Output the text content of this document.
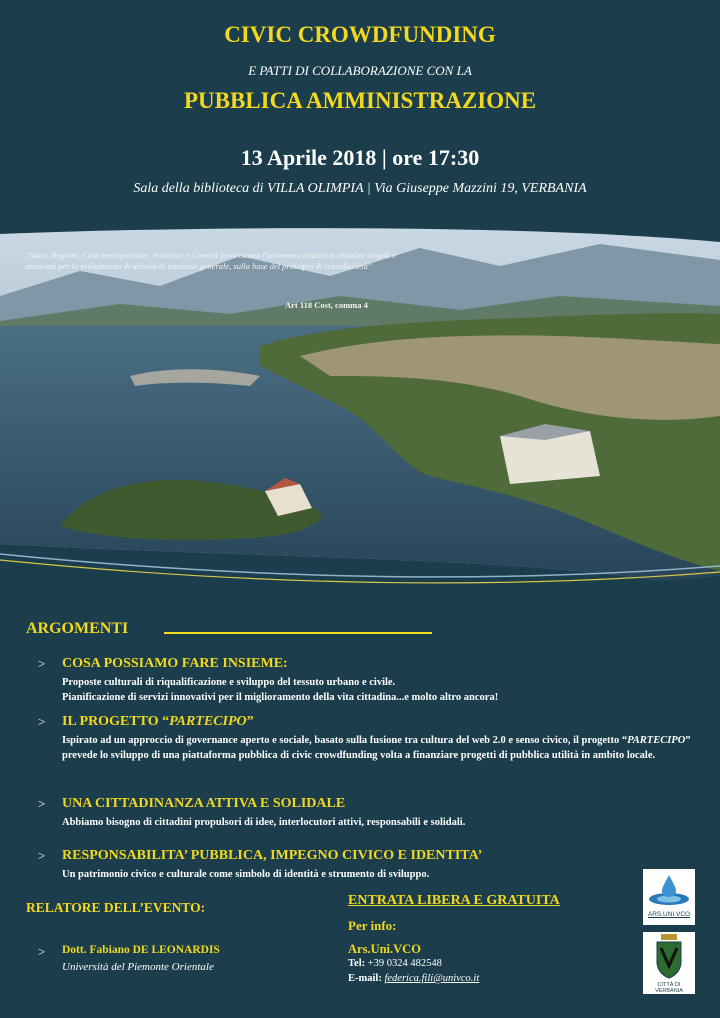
CIVIC CROWDFUNDING
E PATTI DI COLLABORAZIONE CON LA
PUBBLICA AMMINISTRAZIONE
13 Aprile 2018 | ore 17:30
Sala della biblioteca di VILLA OLIMPIA | Via Giuseppe Mazzini 19, VERBANIA
"Stato, Regioni, Città metropolitane, Province e Comuni favoriscono l'autonoma iniziativa cittadini singoli e associati per lo svolgimento di attività di interesse generale, sulla base del principio di sussidiarietà"
Art 118 Cost, comma 4
ARGOMENTI
> COSA POSSIAMO FARE INSIEME:
Proposte culturali di riqualificazione e sviluppo del tessuto urbano e civile.
Pianificazione di servizi innovativi per il miglioramento della vita cittadina...e molto altro ancora!
> IL PROGETTO “PARTECIPO”
Ispirato ad un approccio di governance aperto e sociale, basato sulla fusione tra cultura del web 2.0 e senso civico, il progetto “PARTECIPO” prevede lo sviluppo di una piattaforma pubblica di civic crowdfunding volta a finanziare progetti di pubblica utilità in ambito locale.
> UNA CITTADINANZA ATTIVA E SOLIDALE
Abbiamo bisogno di cittadini propulsori di idee, interlocutori attivi, responsabili e solidali.
> RESPONSABILITA’ PUBBLICA, IMPEGNO CIVICO E IDENTITA’
Un patrimonio civico e culturale come simbolo di identità e strumento di sviluppo.
RELATORE DELL’EVENTO:
> Dott. Fabiano DE LEONARDIS
Università del Piemonte Orientale
ENTRATA LIBERA E GRATUITA
Per info:
Ars.Uni.VCO
Tel: +39 0324 482548
E-mail: federica.fili@univco.it
ARS.UNI.VCO
CITTÀ DI VERBANIA
